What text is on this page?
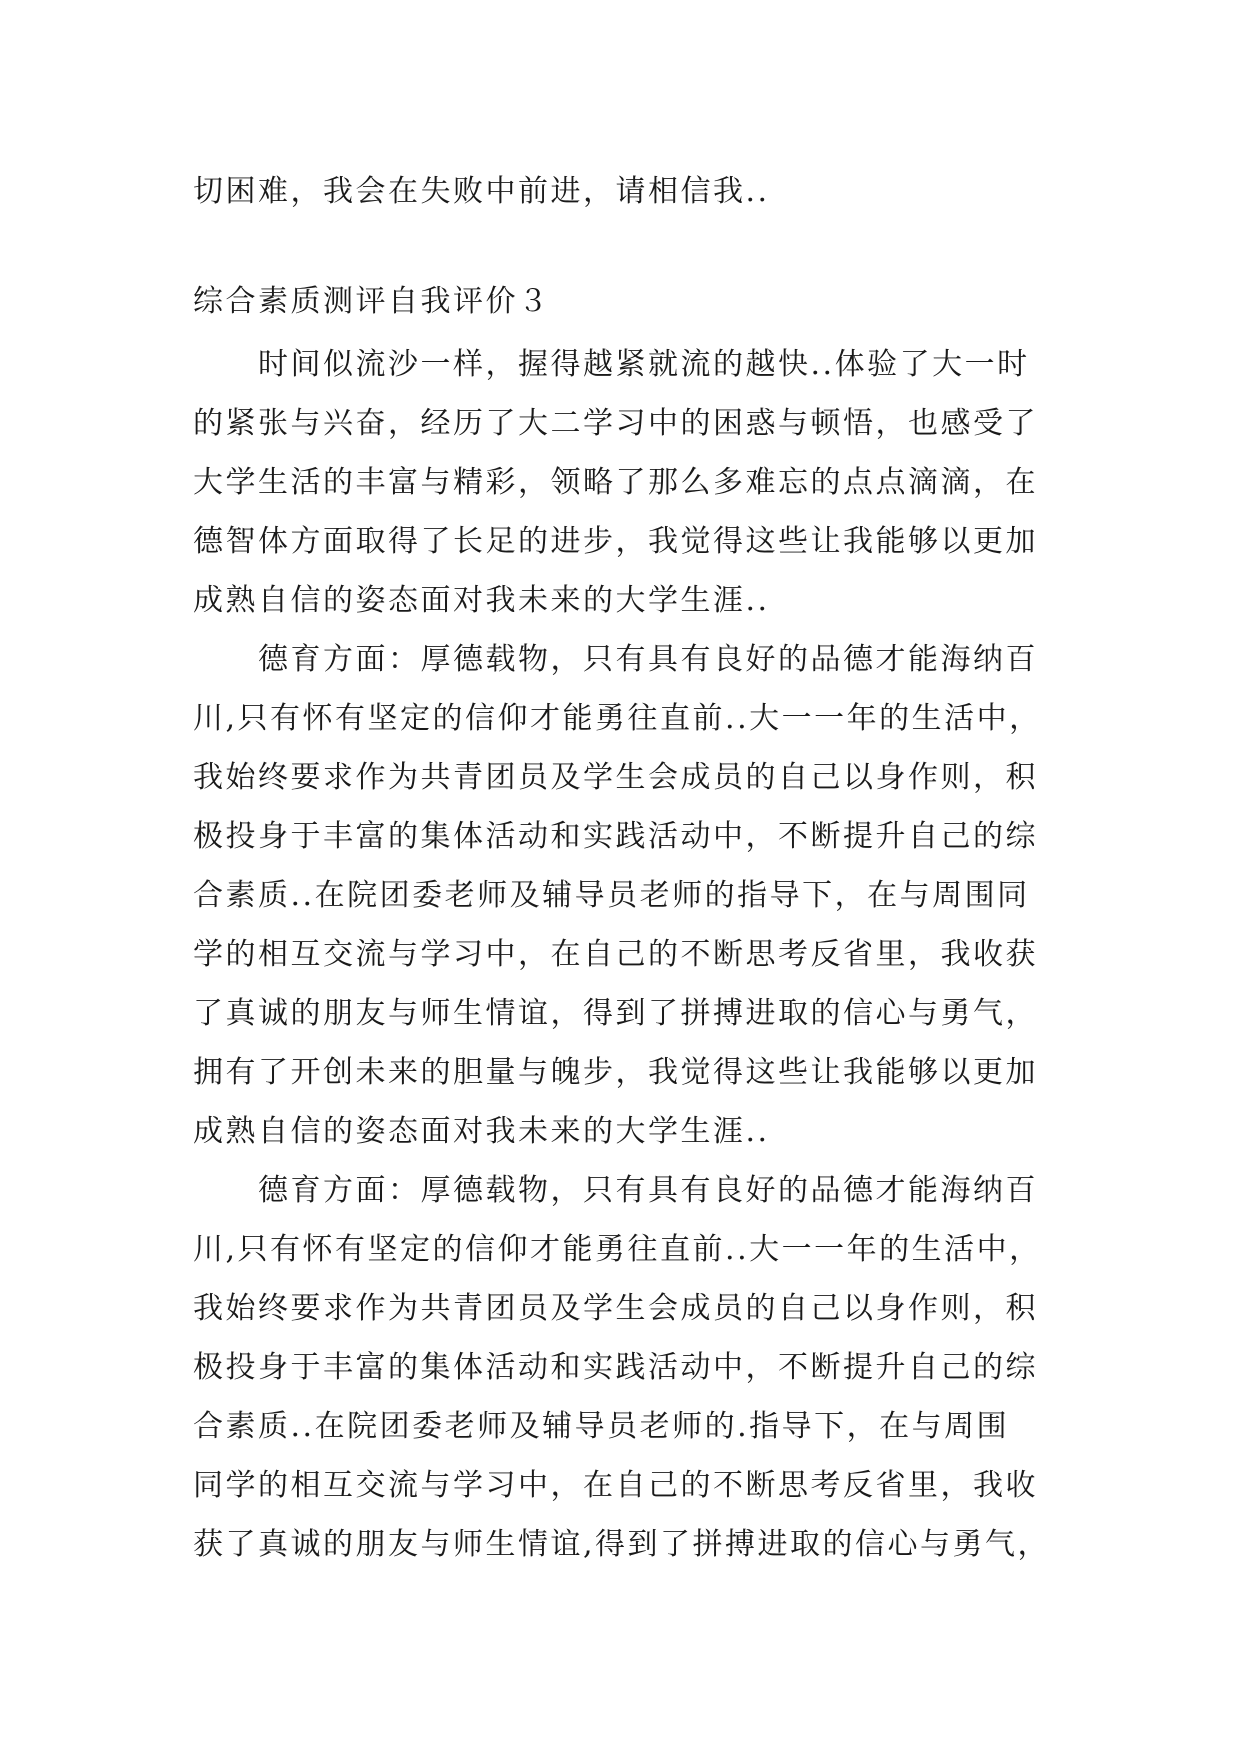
切困难，我会在失败中前进，请相信我..
综合素质测评自我评价３
　　时间似流沙一样，握得越紧就流的越快..体验了大一时
的紧张与兴奋，经历了大二学习中的困惑与顿悟，也感受了
大学生活的丰富与精彩，领略了那么多难忘的点点滴滴，在
德智体方面取得了长足的进步，我觉得这些让我能够以更加
成熟自信的姿态面对我未来的大学生涯..
　　德育方面：厚德载物，只有具有良好的品德才能海纳百
川,只有怀有坚定的信仰才能勇往直前..大一一年的生活中，
我始终要求作为共青团员及学生会成员的自己以身作则，积
极投身于丰富的集体活动和实践活动中，不断提升自己的综
合素质..在院团委老师及辅导员老师的指导下，在与周围同
学的相互交流与学习中，在自己的不断思考反省里，我收获
了真诚的朋友与师生情谊，得到了拼搏进取的信心与勇气，
拥有了开创未来的胆量与魄步，我觉得这些让我能够以更加
成熟自信的姿态面对我未来的大学生涯..
　　德育方面：厚德载物，只有具有良好的品德才能海纳百
川,只有怀有坚定的信仰才能勇往直前..大一一年的生活中，
我始终要求作为共青团员及学生会成员的自己以身作则，积
极投身于丰富的集体活动和实践活动中，不断提升自己的综
合素质..在院团委老师及辅导员老师的.指导下，在与周围
同学的相互交流与学习中，在自己的不断思考反省里，我收
获了真诚的朋友与师生情谊,得到了拼搏进取的信心与勇气，
